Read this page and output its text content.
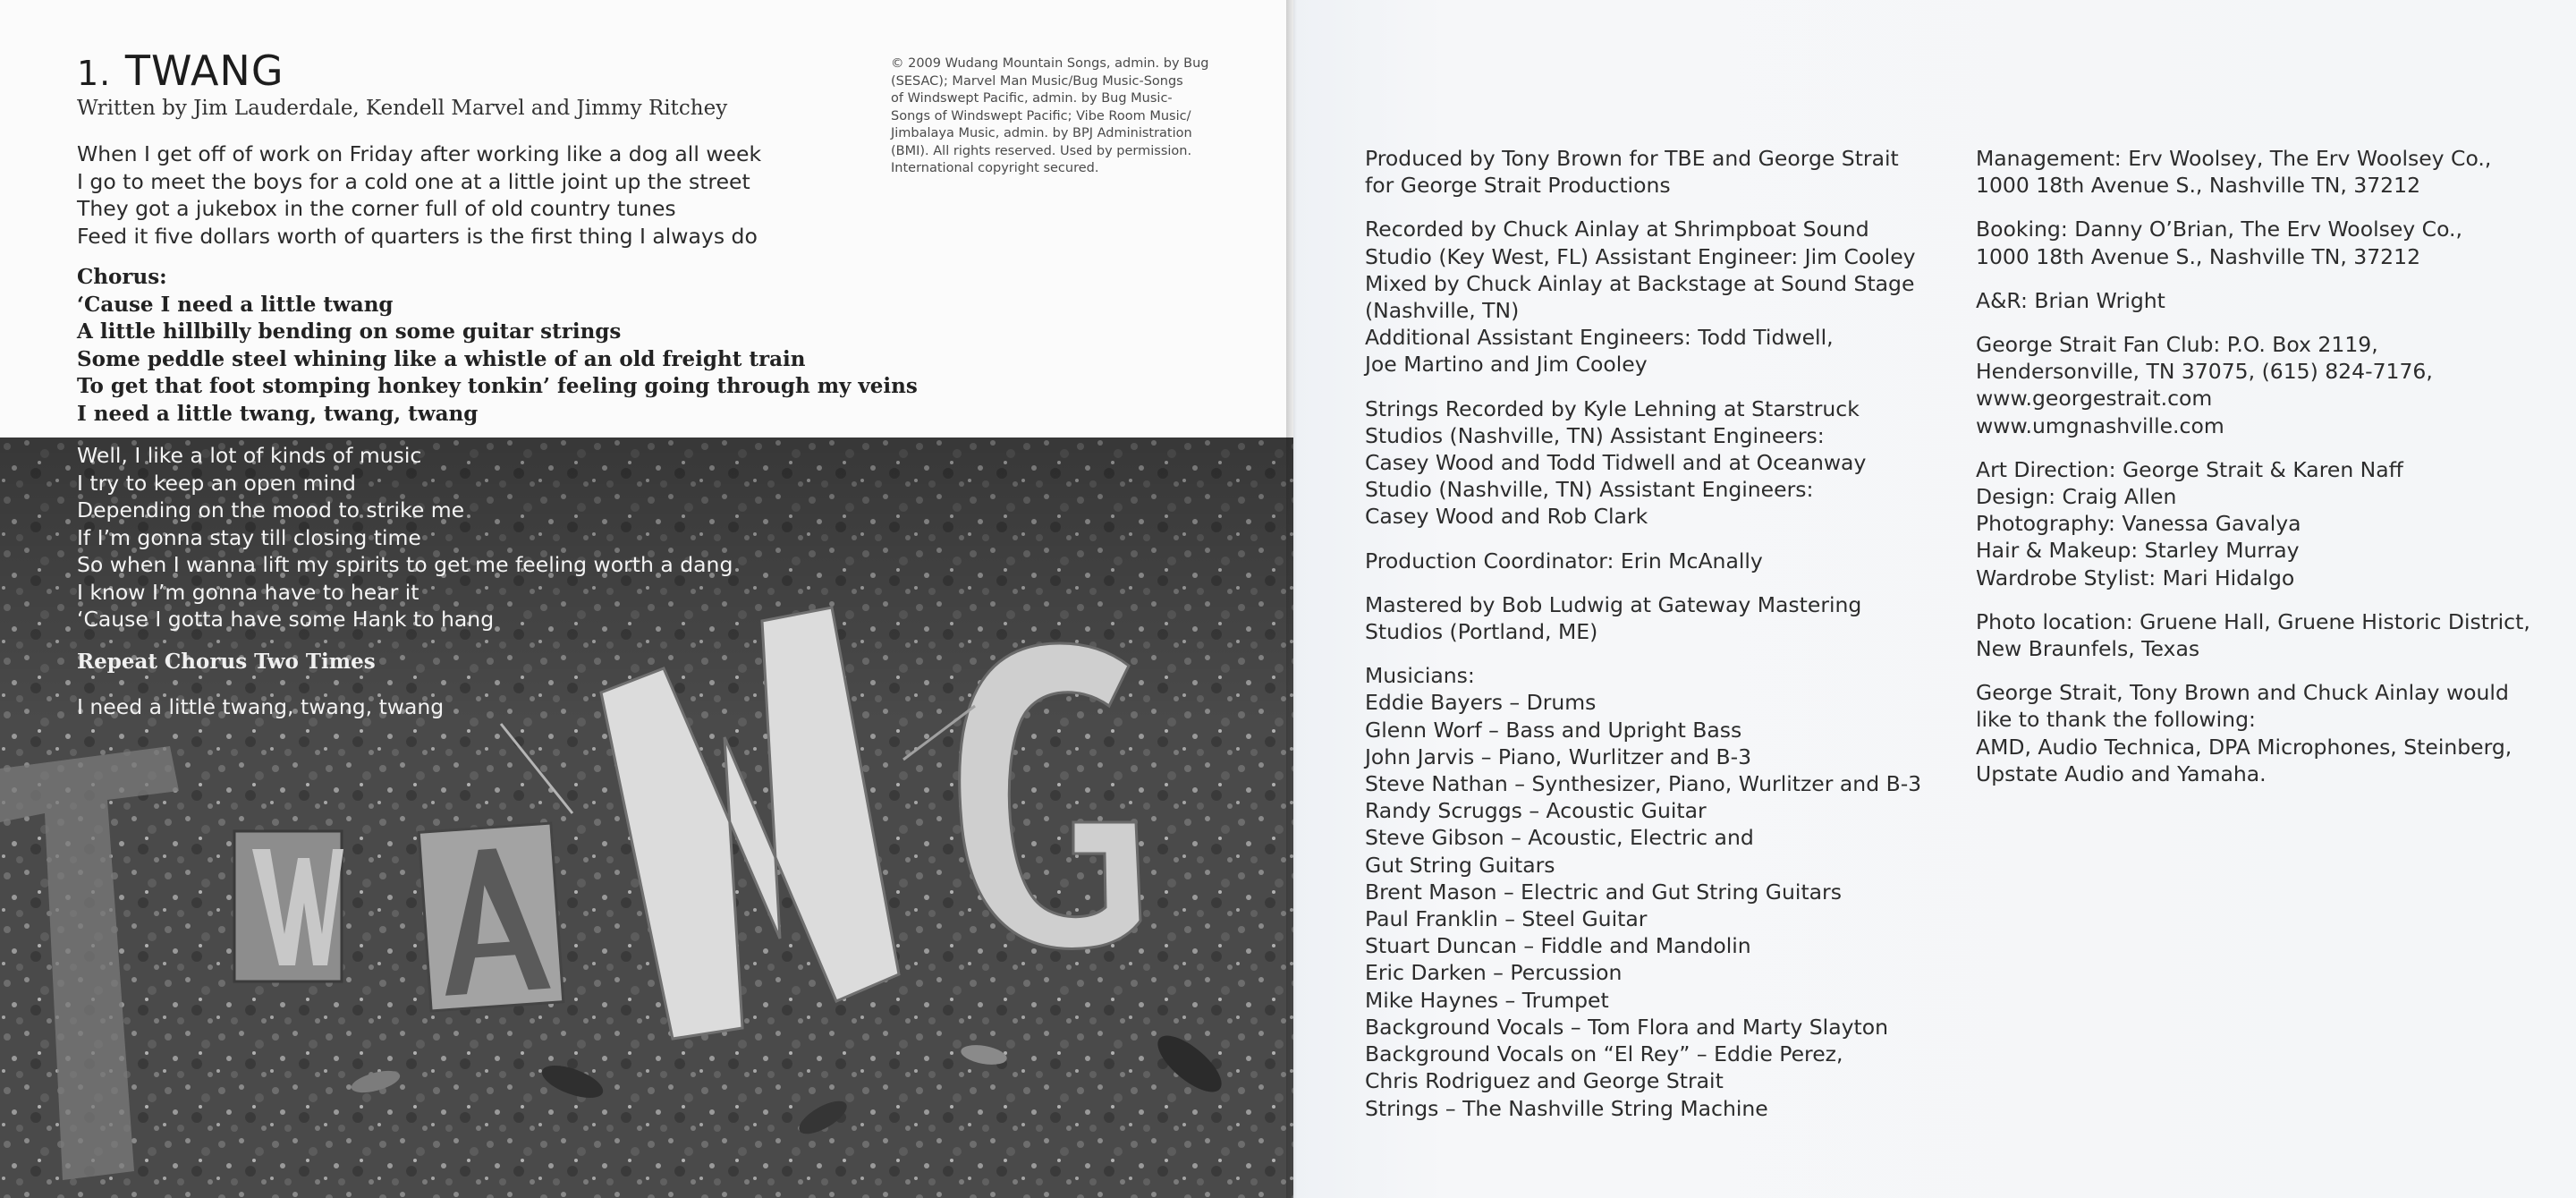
1. TWANG
Written by Jim Lauderdale, Kendell Marvel and Jimmy Ritchey
© 2009 Wudang Mountain Songs, admin. by Bug
(SESAC); Marvel Man Music/Bug Music-Songs
of Windswept Pacific, admin. by Bug Music-
Songs of Windswept Pacific; Vibe Room Music/
Jimbalaya Music, admin. by BPJ Administration
(BMI). All rights reserved. Used by permission.
International copyright secured.
When I get off of work on Friday after working like a dog all week
I go to meet the boys for a cold one at a little joint up the street
They got a jukebox in the corner full of old country tunes
Feed it five dollars worth of quarters is the first thing I always do
Chorus:
‘Cause I need a little twang
A little hillbilly bending on some guitar strings
Some peddle steel whining like a whistle of an old freight train
To get that foot stomping honkey tonkin’ feeling going through my veins
I need a little twang, twang, twang
Well, I like a lot of kinds of music
I try to keep an open mind
Depending on the mood to strike me
If I’m gonna stay till closing time
So when I wanna lift my spirits to get me feeling worth a dang
I know I’m gonna have to hear it
‘Cause I gotta have some Hank to hang
Repeat Chorus Two Times
I need a little twang, twang, twang

Produced by Tony Brown for TBE and George Strait
for George Strait Productions

Recorded by Chuck Ainlay at Shrimpboat Sound
Studio (Key West, FL) Assistant Engineer: Jim Cooley
Mixed by Chuck Ainlay at Backstage at Sound Stage
(Nashville, TN)
Additional Assistant Engineers: Todd Tidwell,
Joe Martino and Jim Cooley

Strings Recorded by Kyle Lehning at Starstruck
Studios (Nashville, TN) Assistant Engineers:
Casey Wood and Todd Tidwell and at Oceanway
Studio (Nashville, TN) Assistant Engineers:
Casey Wood and Rob Clark

Production Coordinator: Erin McAnally

Mastered by Bob Ludwig at Gateway Mastering
Studios (Portland, ME)

Musicians:
Eddie Bayers – Drums
Glenn Worf – Bass and Upright Bass
John Jarvis – Piano, Wurlitzer and B-3
Steve Nathan – Synthesizer, Piano, Wurlitzer and B-3
Randy Scruggs – Acoustic Guitar
Steve Gibson – Acoustic, Electric and
Gut String Guitars
Brent Mason – Electric and Gut String Guitars
Paul Franklin – Steel Guitar
Stuart Duncan – Fiddle and Mandolin
Eric Darken – Percussion
Mike Haynes – Trumpet
Background Vocals – Tom Flora and Marty Slayton
Background Vocals on “El Rey” – Eddie Perez,
Chris Rodriguez and George Strait
Strings – The Nashville String Machine

Management: Erv Woolsey, The Erv Woolsey Co.,
1000 18th Avenue S., Nashville TN, 37212

Booking: Danny O’Brian, The Erv Woolsey Co.,
1000 18th Avenue S., Nashville TN, 37212

A&R: Brian Wright

George Strait Fan Club: P.O. Box 2119,
Hendersonville, TN 37075, (615) 824-7176,
www.georgestrait.com
www.umgnashville.com

Art Direction: George Strait & Karen Naff
Design: Craig Allen
Photography: Vanessa Gavalya
Hair & Makeup: Starley Murray
Wardrobe Stylist: Mari Hidalgo

Photo location: Gruene Hall, Gruene Historic District,
New Braunfels, Texas

George Strait, Tony Brown and Chuck Ainlay would
like to thank the following:
AMD, Audio Technica, DPA Microphones, Steinberg,
Upstate Audio and Yamaha.
